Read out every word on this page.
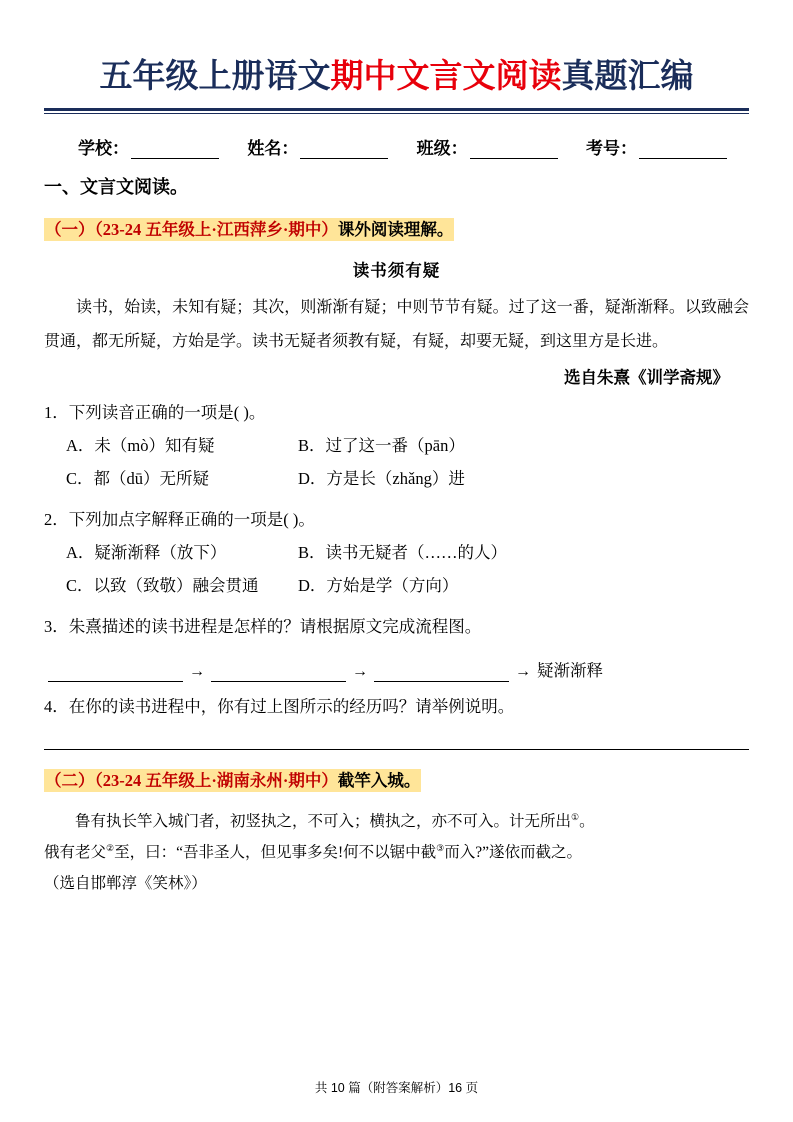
五年级上册语文期中文言文阅读真题汇编
学校：	姓名：	班级：	考号：
一、文言文阅读。
（一）（23-24 五年级上·江西萍乡·期中）课外阅读理解。
读书须有疑
读书，始读，未知有疑；其次，则渐渐有疑；中则节节有疑。过了这一番，疑渐渐释。以致融会贯通，都无所疑，方始是学。读书无疑者须教有疑，有疑，却要无疑，到这里方是长进。
选自朱熹《训学斋规》
1．下列读音正确的一项是( )。
A．未（mò）知有疑	B．过了这一番（pān）
C．都（dū）无所疑	D．方是长（zhǎng）进
2．下列加点字解释正确的一项是( )。
A．疑渐渐释（放下）	B．读书无疑者（……的人）
C．以致（致敬）融会贯通	D．方始是学（方向）
3．朱熹描述的读书进程是怎样的？请根据原文完成流程图。
→	→	→ 疑渐渐释
4．在你的读书进程中，你有过上图所示的经历吗？请举例说明。
（二）（23-24 五年级上·湖南永州·期中）截竿入城。
鲁有执长竿入城门者，初竖执之，不可入；横执之，亦不可入。计无所出①。
俄有老父②至，曰：“吾非圣人，但见事多矣!何不以锯中截③而入?”遂依而截之。
（选自邯郸淳《笑林》）
共 10 篇（附答案解析）16 页
